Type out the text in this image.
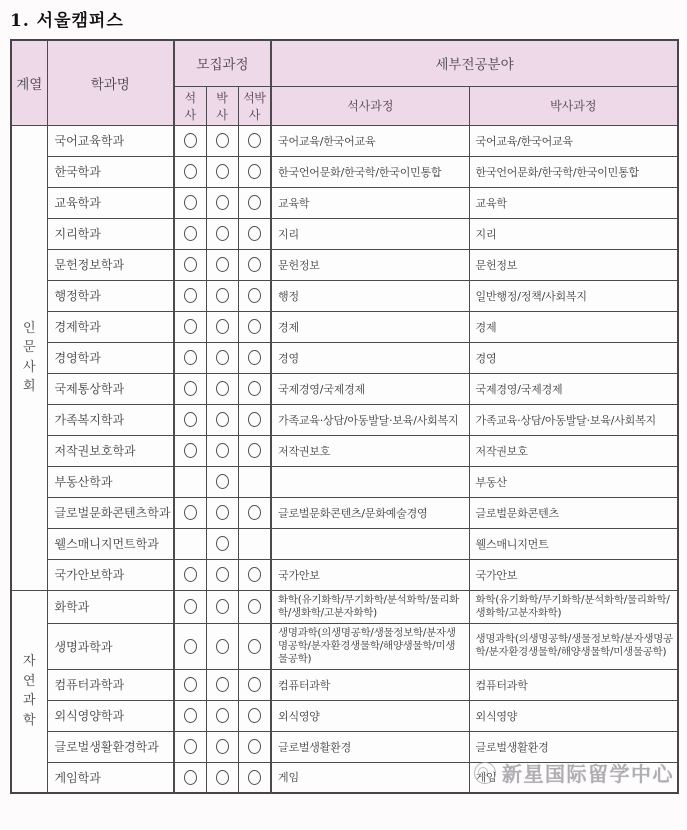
1. 서울캠퍼스
계열	학과명	모집과정			세부전공분야	
		석사	박사	석박사	석사과정	박사과정
인문사회	국어교육학과				국어교육/한국어교육	국어교육/한국어교육
	한국학과				한국언어문화/한국학/한국이민통합	한국언어문화/한국학/한국이민통합
	교육학과				교육학	교육학
	지리학과				지리	지리
	문헌정보학과				문헌정보	문헌정보
	행정학과				행정	일반행정/정책/사회복지
	경제학과				경제	경제
	경영학과				경영	경영
	국제통상학과				국제경영/국제경제	국제경영/국제경제
	가족복지학과				가족교육·상담/아동발달·보육/사회복지	가족교육·상담/아동발달·보육/사회복지
	저작권보호학과				저작권보호	저작권보호
	부동산학과					부동산
	글로벌문화콘텐츠학과				글로벌문화콘텐츠/문화예술경영	글로벌문화콘텐츠
	웰스매니지먼트학과					웰스매니지먼트
	국가안보학과				국가안보	국가안보
자연과학	화학과				화학(유기화학/무기화학/분석화학/물리화학/생화학/고분자화학)	화학(유기화학/무기화학/분석화학/물리화학/생화학/고분자화학)
	생명과학과				생명과학(의생명공학/생물정보학/분자생명공학/분자환경생물학/해양생물학/미생물공학)	생명과학(의생명공학/생물정보학/분자생명공학/분자환경생물학/해양생물학/미생물공학)
	컴퓨터과학과				컴퓨터과학	컴퓨터과학
	외식영양학과				외식영양	외식영양
	글로벌생활환경학과				글로벌생활환경	글로벌생활환경
	게임학과				게임	게임 新星国际留学中心
